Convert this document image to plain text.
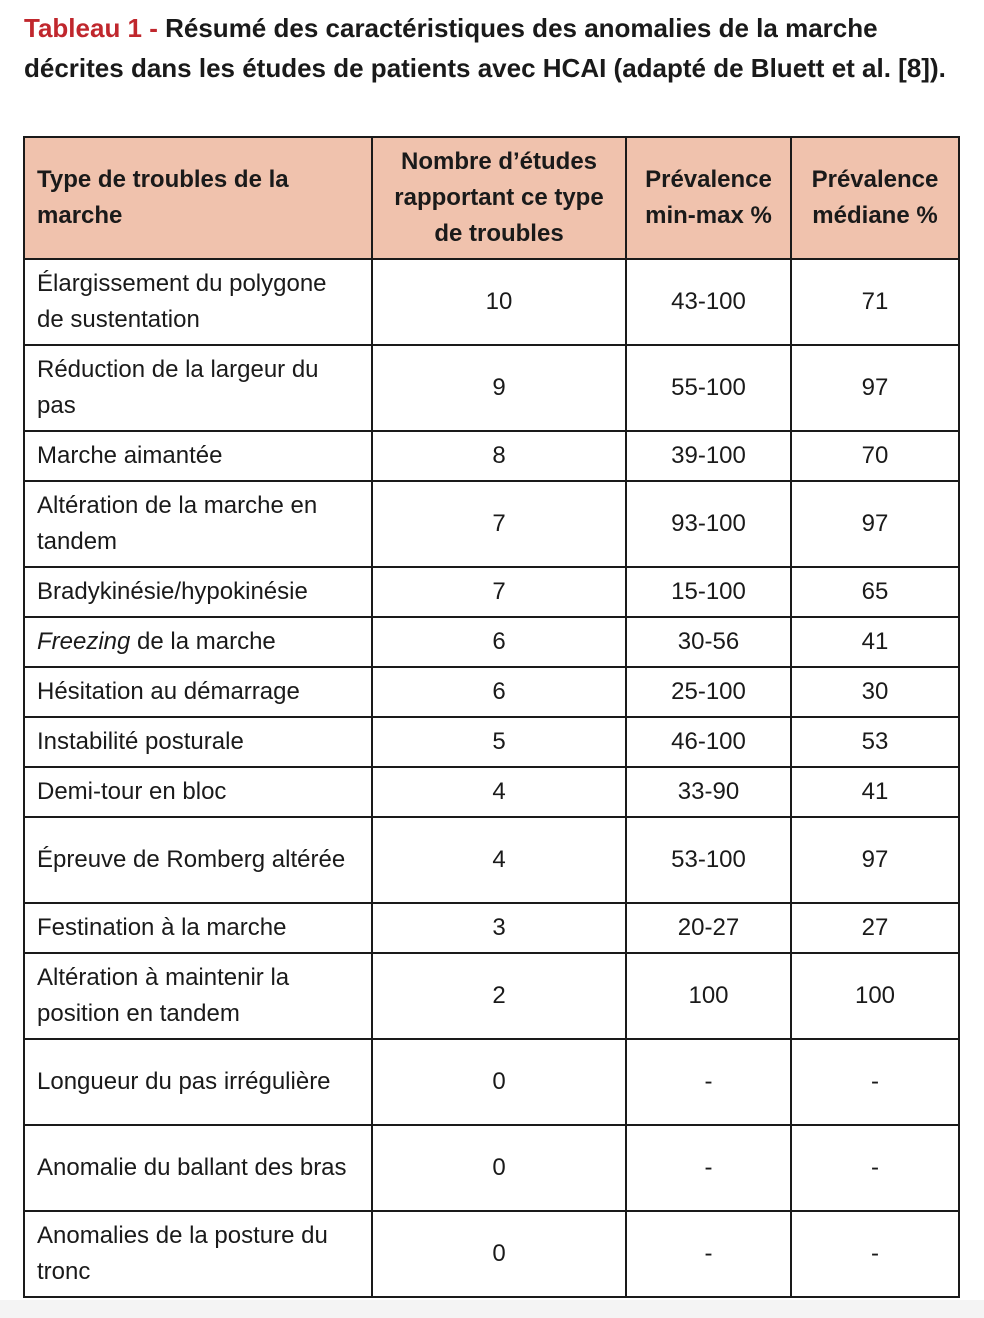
Tableau 1 - Résumé des caractéristiques des anomalies de la marche décrites dans les études de patients avec HCAI (adapté de Bluett et al. [8]).
Type de troubles de la marche	Nombre d’études rapportant ce type de troubles	Prévalence min-max %	Prévalence médiane %
Élargissement du polygone de sustentation	10	43-100	71
Réduction de la largeur du pas	9	55-100	97
Marche aimantée	8	39-100	70
Altération de la marche en tandem	7	93-100	97
Bradykinésie/hypokinésie	7	15-100	65
Freezing de la marche	6	30-56	41
Hésitation au démarrage	6	25-100	30
Instabilité posturale	5	46-100	53
Demi-tour en bloc	4	33-90	41
Épreuve de Romberg altérée	4	53-100	97
Festination à la marche	3	20-27	27
Altération à maintenir la position en tandem	2	100	100
Longueur du pas irrégulière	0	-	-
Anomalie du ballant des bras	0	-	-
Anomalies de la posture du tronc	0	-	-
